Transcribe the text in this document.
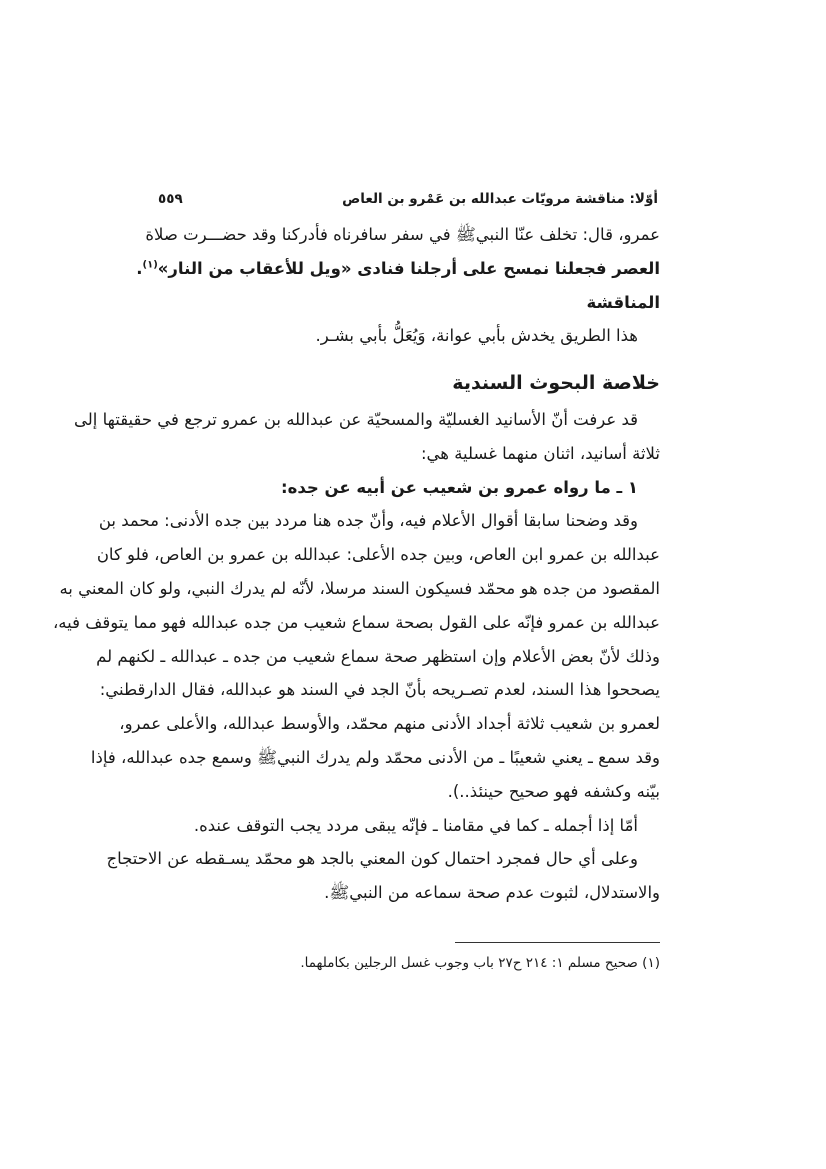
أوّلا: مناقشة مرويّات عبدالله بن عَمْرو بن العاص
٥٥٩

عمرو، قال: تخلف عنّا النبيﷺ في سفر سافرناه فأدركنا وقد حضـــرت صلاة

العصر فجعلنا نمسح على أرجلنا فنادى «ويل للأعقاب من النار»$^{(١)}$.

المناقشة

هذا الطريق يخدش بأبي عوانة، وَيُعَلُّ بأبي بشـر.

خلاصة البحوث السندية

قد عرفت أنّ الأسانيد الغسليّة والمسحيّة عن عبدالله بن عمرو ترجع في حقيقتها إلى

ثلاثة أسانيد، اثنان منهما غسلية هي:

١ ـ ما رواه عمرو بن شعيب عن أبيه عن جده:

وقد وضحنا سابقا أقوال الأعلام فيه، وأنّ جده هنا مردد بين جده الأدنى: محمد بن

عبدالله بن عمرو ابن العاص، وبين جده الأعلى: عبدالله بن عمرو بن العاص، فلو كان

المقصود من جده هو محمّد فسيكون السند مرسلا، لأنّه لم يدرك النبي، ولو كان المعني به

عبدالله بن عمرو فإنّه على القول بصحة سماع شعيب من جده عبدالله فهو مما يتوقف فيه،

وذلك لأنّ بعض الأعلام وإن استظهر صحة سماع شعيب من جده ـ عبدالله ـ لكنهم لم

يصححوا هذا السند، لعدم تصـريحه بأنّ الجد في السند هو عبدالله، فقال الدارقطني:

لعمرو بن شعيب ثلاثة أجداد الأدنى منهم محمّد، والأوسط عبدالله، والأعلى عمرو،

وقد سمع ـ يعني شعيبًا ـ من الأدنى محمّد ولم يدرك النبيﷺ وسمع جده عبدالله، فإذا

بيّنه وكشفه فهو صحيح حينئذ..).

أمّا إذا أجمله ـ كما في مقامنا ـ فإنّه يبقى مردد يجب التوقف عنده.

وعلى أي حال فمجرد احتمال كون المعني بالجد هو محمّد يسـقطه عن الاحتجاج

والاستدلال، لثبوت عدم صحة سماعه من النبيﷺ.

(١) صحيح مسلم ١: ٢١٤ ح٢٧ باب وجوب غسل الرجلين بكاملهما.
